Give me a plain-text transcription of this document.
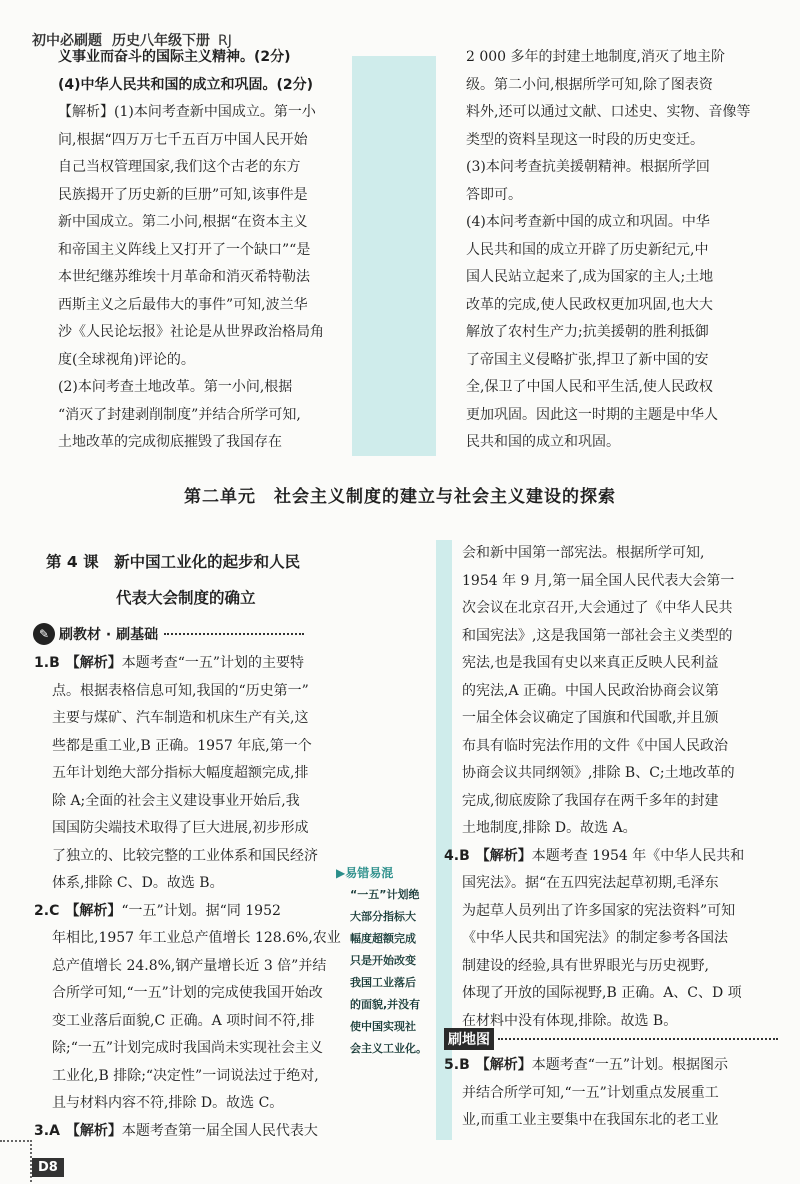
初中必刷题 历史八年级下册 RJ

义事业而奋斗的国际主义精神。(2分)

(4)中华人民共和国的成立和巩固。(2分)

【解析】(1)本问考查新中国成立。第一小

问,根据“四万万七千五百万中国人民开始

自己当权管理国家,我们这个古老的东方

民族揭开了历史新的巨册”可知,该事件是

新中国成立。第二小问,根据“在资本主义

和帝国主义阵线上又打开了一个缺口”“是

本世纪继苏维埃十月革命和消灭希特勒法

西斯主义之后最伟大的事件”可知,波兰华

沙《人民论坛报》社论是从世界政治格局角

度(全球视角)评论的。

(2)本问考查土地改革。第一小问,根据

“消灭了封建剥削制度”并结合所学可知,

土地改革的完成彻底摧毁了我国存在

2 000 多年的封建土地制度,消灭了地主阶

级。第二小问,根据所学可知,除了图表资

料外,还可以通过文献、口述史、实物、音像等

类型的资料呈现这一时段的历史变迁。

(3)本问考查抗美援朝精神。根据所学回

答即可。

(4)本问考查新中国的成立和巩固。中华

人民共和国的成立开辟了历史新纪元,中

国人民站立起来了,成为国家的主人;土地

改革的完成,使人民政权更加巩固,也大大

解放了农村生产力;抗美援朝的胜利抵御

了帝国主义侵略扩张,捍卫了新中国的安

全,保卫了中国人民和平生活,使人民政权

更加巩固。因此这一时期的主题是中华人

民共和国的成立和巩固。

第二单元　社会主义制度的建立与社会主义建设的探索
第 4 课　新中国工业化的起步和人民
代表大会制度的确立
✎ 刷教材 · 刷基础

1.B 【解析】本题考查“一五”计划的主要特

点。根据表格信息可知,我国的“历史第一”

主要与煤矿、汽车制造和机床生产有关,这

些都是重工业,B 正确。1957 年底,第一个

五年计划绝大部分指标大幅度超额完成,排

除 A;全面的社会主义建设事业开始后,我

国国防尖端技术取得了巨大进展,初步形成

了独立的、比较完整的工业体系和国民经济

体系,排除 C、D。故选 B。

2.C 【解析】“一五”计划。据“同 1952

年相比,1957 年工业总产值增长 128.6%,农业

总产值增长 24.8%,钢产量增长近 3 倍”并结

合所学可知,“一五”计划的完成使我国开始改

变工业落后面貌,C 正确。A 项时间不符,排

除;“一五”计划完成时我国尚未实现社会主义

工业化,B 排除;“决定性”一词说法过于绝对,

且与材料内容不符,排除 D。故选 C。

3.A 【解析】本题考查第一届全国人民代表大

▶易错易混
“一五”计划绝
大部分指标大
幅度超额完成
只是开始改变
我国工业落后
的面貌,并没有
使中国实现社
会主义工业化。

会和新中国第一部宪法。根据所学可知,

1954 年 9 月,第一届全国人民代表大会第一

次会议在北京召开,大会通过了《中华人民共

和国宪法》,这是我国第一部社会主义类型的

宪法,也是我国有史以来真正反映人民利益

的宪法,A 正确。中国人民政治协商会议第

一届全体会议确定了国旗和代国歌,并且颁

布具有临时宪法作用的文件《中国人民政治

协商会议共同纲领》,排除 B、C;土地改革的

完成,彻底废除了我国存在两千多年的封建

土地制度,排除 D。故选 A。

4.B 【解析】本题考查 1954 年《中华人民共和

国宪法》。据“在五四宪法起草初期,毛泽东

为起草人员列出了许多国家的宪法资料”可知

《中华人民共和国宪法》的制定参考各国法

制建设的经验,具有世界眼光与历史视野,

体现了开放的国际视野,B 正确。A、C、D 项

在材料中没有体现,排除。故选 B。

刷地图

5.B 【解析】本题考查“一五”计划。根据图示

并结合所学可知,“一五”计划重点发展重工

业,而重工业主要集中在我国东北的老工业

D8
